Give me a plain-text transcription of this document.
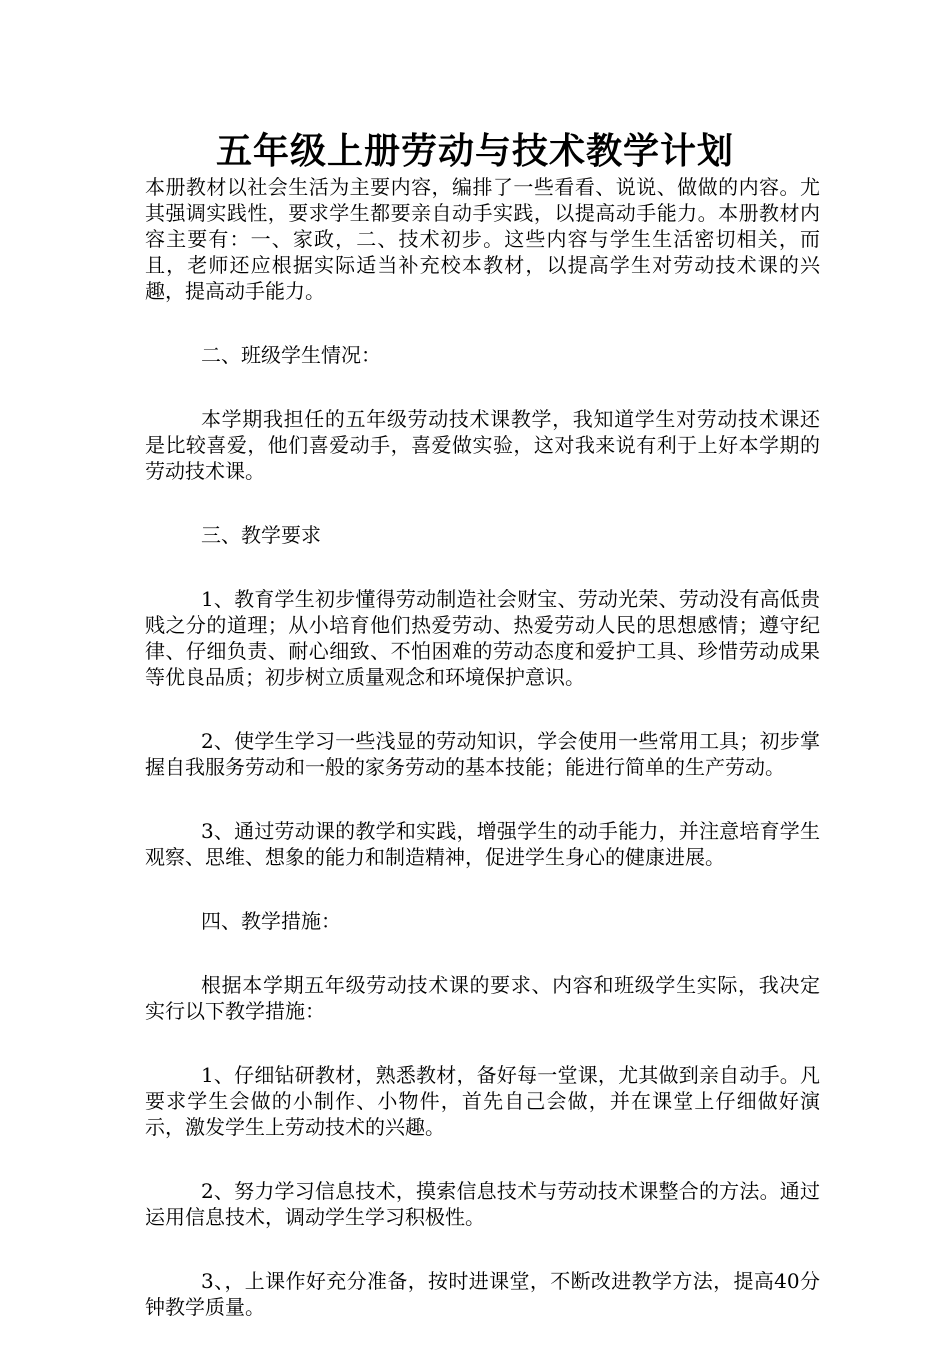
五年级上册劳动与技术教学计划

本册教材以社会生活为主要内容，编排了一些看看、说说、做做的内容。尤其强调实践性，要求学生都要亲自动手实践，以提高动手能力。本册教材内容主要有：一、家政，二、技术初步。这些内容与学生生活密切相关，而且，老师还应根据实际适当补充校本教材，以提高学生对劳动技术课的兴趣，提高动手能力。

二、班级学生情况：

本学期我担任的五年级劳动技术课教学，我知道学生对劳动技术课还是比较喜爱，他们喜爱动手，喜爱做实验，这对我来说有利于上好本学期的劳动技术课。

三、教学要求

1、教育学生初步懂得劳动制造社会财宝、劳动光荣、劳动没有高低贵贱之分的道理；从小培育他们热爱劳动、热爱劳动人民的思想感情；遵守纪律、仔细负责、耐心细致、不怕困难的劳动态度和爱护工具、珍惜劳动成果等优良品质；初步树立质量观念和环境保护意识。

2、使学生学习一些浅显的劳动知识，学会使用一些常用工具；初步掌握自我服务劳动和一般的家务劳动的基本技能；能进行简单的生产劳动。

3、通过劳动课的教学和实践，增强学生的动手能力，并注意培育学生观察、思维、想象的能力和制造精神，促进学生身心的健康进展。

四、教学措施：

根据本学期五年级劳动技术课的要求、内容和班级学生实际，我决定实行以下教学措施：

1、仔细钻研教材，熟悉教材，备好每一堂课，尤其做到亲自动手。凡要求学生会做的小制作、小物件，首先自己会做，并在课堂上仔细做好演示，激发学生上劳动技术的兴趣。

2、努力学习信息技术，摸索信息技术与劳动技术课整合的方法。通过运用信息技术，调动学生学习积极性。

3、，上课作好充分准备，按时进课堂，不断改进教学方法，提高40分钟教学质量。
